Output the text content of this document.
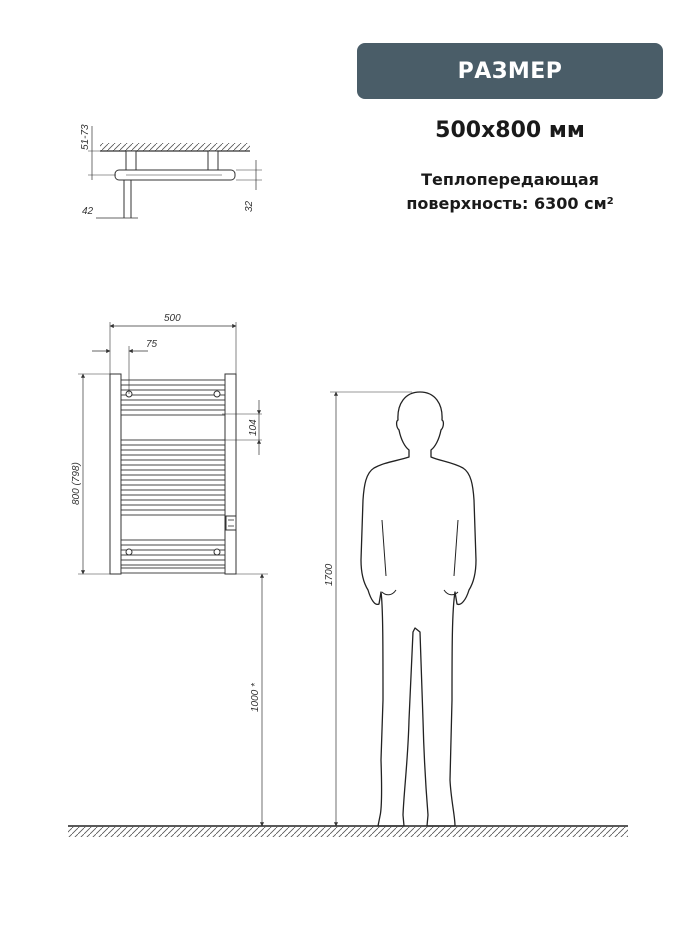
РАЗМЕР
500x800 мм
Теплопередающая
поверхность: 6300 $см^2$
51-73
42	32
500
75
800 (798)
104
1000 *
1700
